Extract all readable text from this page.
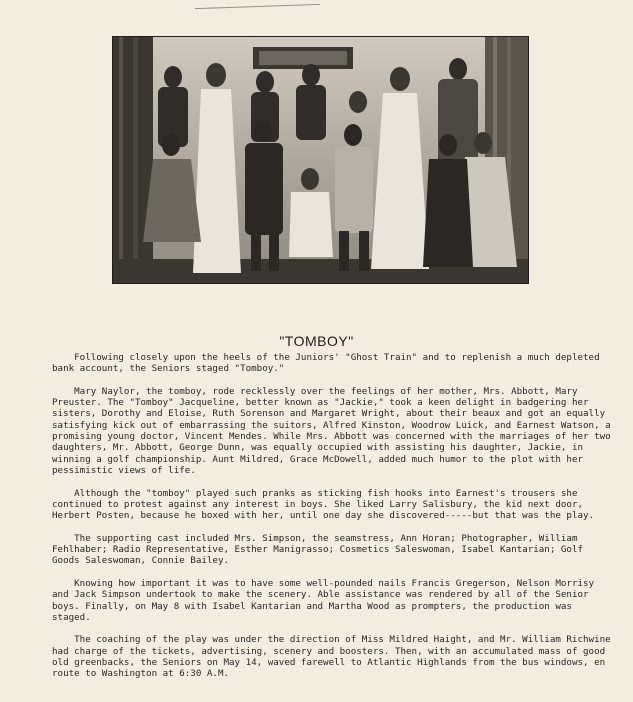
"TOMBOY"

Following closely upon the heels of the Juniors' "Ghost Train" and to replenish a much depleted bank account, the Seniors staged "Tomboy."

Mary Naylor, the tomboy, rode recklessly over the feelings of her mother, Mrs. Abbott, Mary Preuster. The "Tomboy" Jacqueline, better known as "Jackie," took a keen delight in badgering her sisters, Dorothy and Eloise, Ruth Sorenson and Margaret Wright, about their beaux and got an equally satisfying kick out of embarrassing the suitors, Alfred Kinston, Woodrow Luick, and Earnest Watson, a promising young doctor, Vincent Mendes. While Mrs. Abbott was concerned with the marriages of her two daughters, Mr. Abbott, George Dunn, was equally occupied with assisting his daughter, Jackie, in winning a golf championship. Aunt Mildred, Grace McDowell, added much humor to the plot with her pessimistic views of life.

Although the "tomboy" played such pranks as sticking fish hooks into Earnest's trousers she continued to protest against any interest in boys. She liked Larry Salisbury, the kid next door, Herbert Posten, because he boxed with her, until one day she discovered-----but that was the play.

The supporting cast included Mrs. Simpson, the seamstress, Ann Horan; Photographer, William Fehlhaber; Radio Representative, Esther Manigrasso; Cosmetics Saleswoman, Isabel Kantarian; Golf Goods Saleswoman, Connie Bailey.

Knowing how important it was to have some well-pounded nails Francis Gregerson, Nelson Morrisy and Jack Simpson undertook to make the scenery. Able assistance was rendered by all of the Senior boys. Finally, on May 8 with Isabel Kantarian and Martha Wood as prompters, the production was staged.

The coaching of the play was under the direction of Miss Mildred Haight, and Mr. William Richwine had charge of the tickets, advertising, scenery and boosters. Then, with an accumulated mass of good old greenbacks, the Seniors on May 14, waved farewell to Atlantic Highlands from the bus windows, en route to Washington at 6:30 A.M.
